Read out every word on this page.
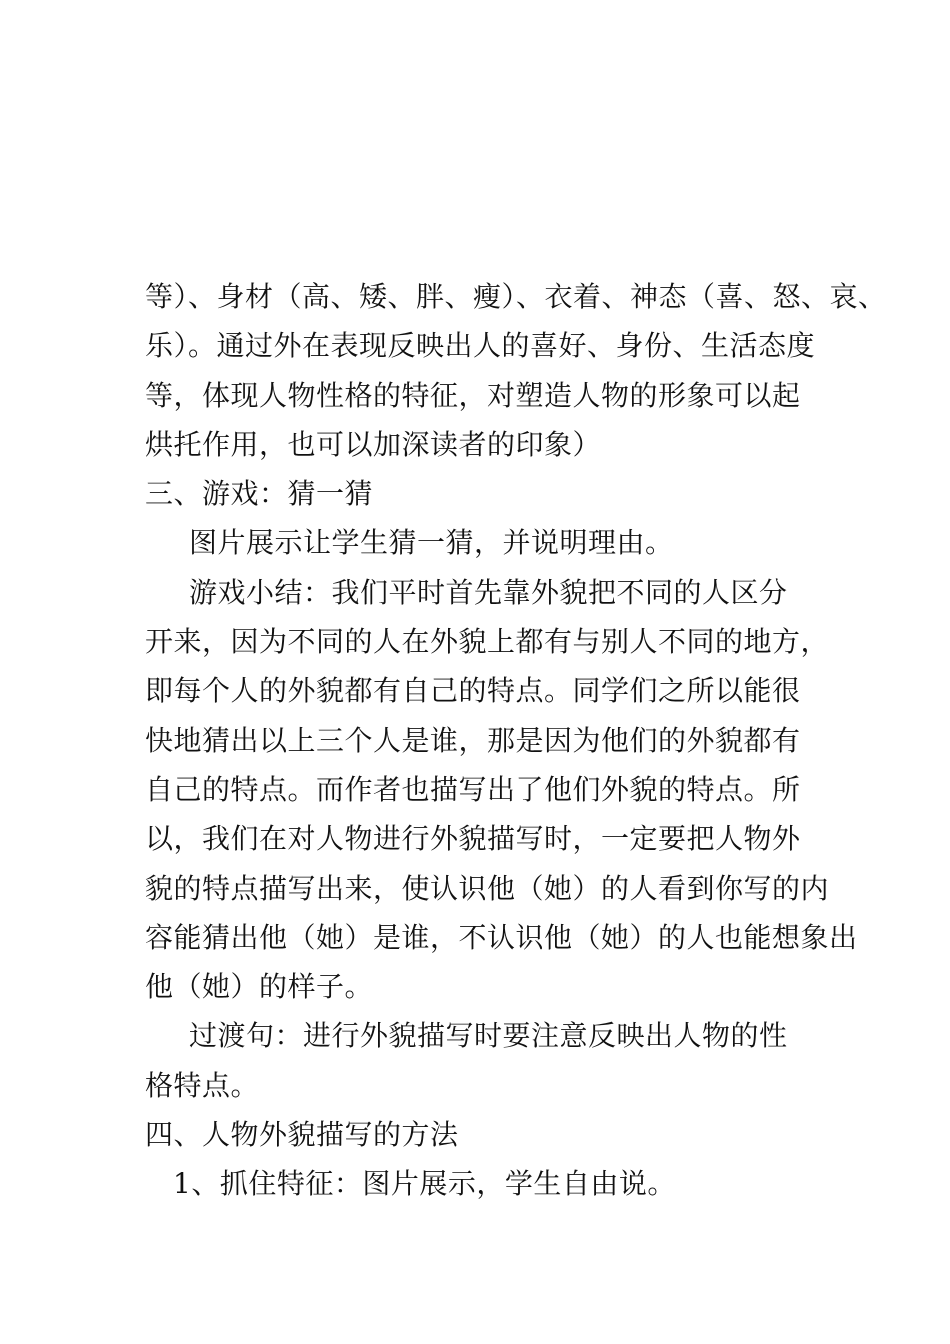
等）、身材（高、矮、胖、瘦）、衣着、神态（喜、怒、哀、
乐）。通过外在表现反映出人的喜好、身份、生活态度
等，体现人物性格的特征，对塑造人物的形象可以起
烘托作用，也可以加深读者的印象）
三、游戏：猜一猜
图片展示让学生猜一猜，并说明理由。
游戏小结：我们平时首先靠外貌把不同的人区分
开来，因为不同的人在外貌上都有与别人不同的地方，
即每个人的外貌都有自己的特点。同学们之所以能很
快地猜出以上三个人是谁，那是因为他们的外貌都有
自己的特点。而作者也描写出了他们外貌的特点。所
以，我们在对人物进行外貌描写时，一定要把人物外
貌的特点描写出来，使认识他（她）的人看到你写的内
容能猜出他（她）是谁，不认识他（她）的人也能想象出
他（她）的样子。
过渡句：进行外貌描写时要注意反映出人物的性
格特点。
四、人物外貌描写的方法
1、抓住特征：图片展示，学生自由说。
